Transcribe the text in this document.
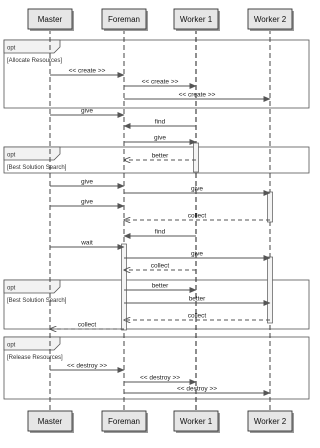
opt
[Allocate Resources]
opt
[Best Solution Search]
opt
[Best Solution Search]
opt
[Release Resources]
<< create >>
<< create >>
<< create >>
give
find
give
better
give
give
give
collect
find
wait
give
collect
better
better
collect
collect
<< destroy >>
<< destroy >>
<< destroy >>
Master
Master
Foreman
Foreman
Worker 1
Worker 1
Worker 2
Worker 2
